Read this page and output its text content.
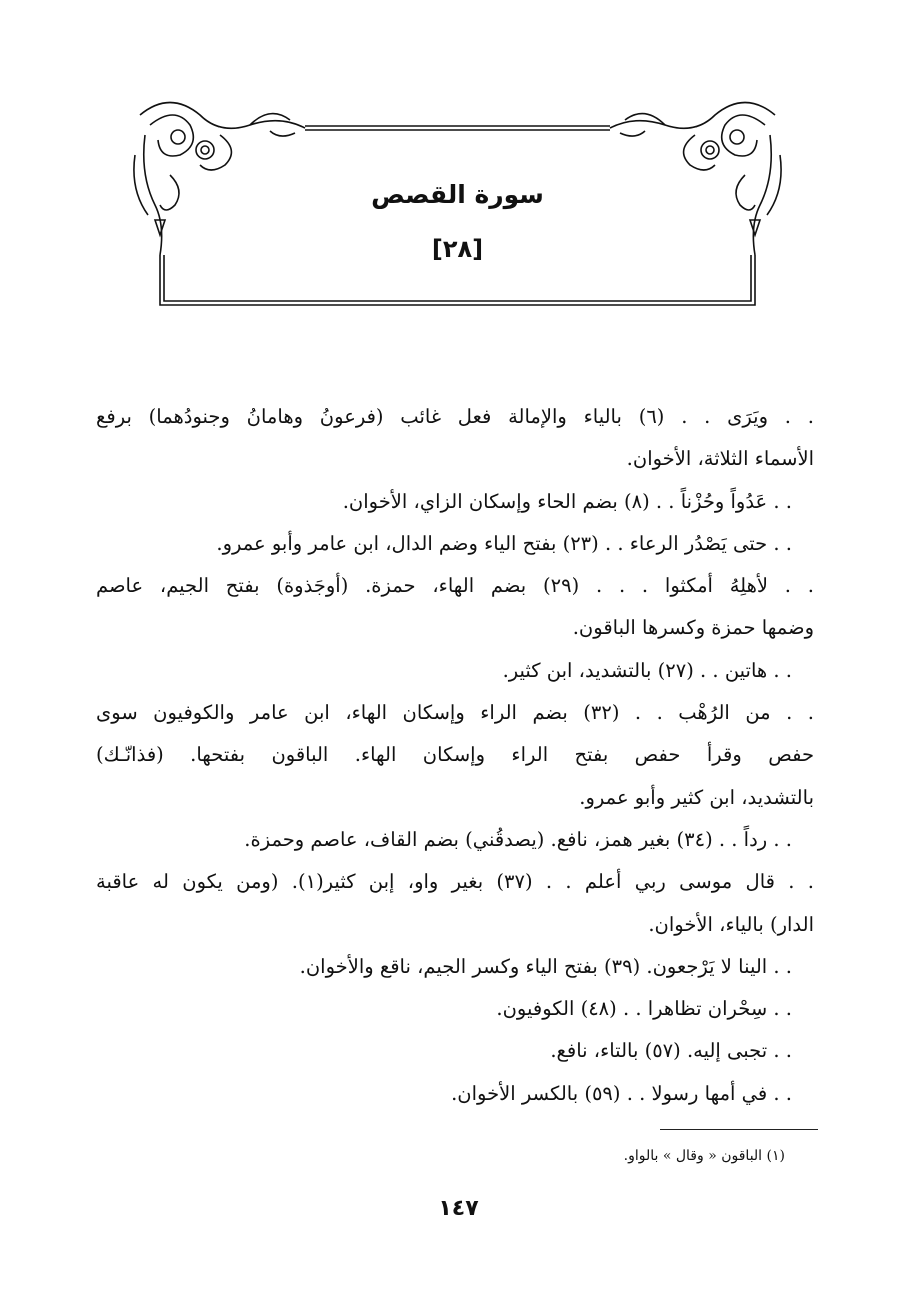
سورة القصص
[٢٨]
. . ويَرَى . . (٦) بالياء والإمالة فعل غائب (فرعونُ وهامانُ وجنودُهما) برفع
الأسماء الثلاثة، الأخوان.
. . عَدُواً وحُزْناً . . (٨) بضم الحاء وإسكان الزاي، الأخوان.
. . حتى يَصْدُر الرعاء . . (٢٣) بفتح الياء وضم الدال، ابن عامر وأبو عمرو.
. . لأهلِهُ أمكثوا . . . (٢٩) بضم الهاء، حمزة. (أوجَذوة) بفتح الجيم، عاصم
وضمها حمزة وكسرها الباقون.
. . هاتين . . (٢٧) بالتشديد، ابن كثير.
. . من الرُهْب . . (٣٢) بضم الراء وإسكان الهاء، ابن عامر والكوفيون سوى
حفص وقرأ حفص بفتح الراء وإسكان الهاء. الباقون بفتحها. (فذانّـك)
بالتشديد، ابن كثير وأبو عمرو.
. . رداً . . (٣٤) بغير همز، نافع. (يصدقُني) بضم القاف، عاصم وحمزة.
. . قال موسى ربي أعلم . . (٣٧) بغير واو، إبن كثير(١). (ومن يكون له عاقبة
الدار) بالياء، الأخوان.
. . الينا لا يَرْجعون. (٣٩) بفتح الياء وكسر الجيم، ناقع والأخوان.
. . سِحْران تظاهرا . . (٤٨) الكوفيون.
. . تجبى إليه. (٥٧) بالتاء، نافع.
. . في أمها رسولا . . (٥٩) بالكسر الأخوان.
(١) الباقون « وقال » بالواو.
١٤٧
